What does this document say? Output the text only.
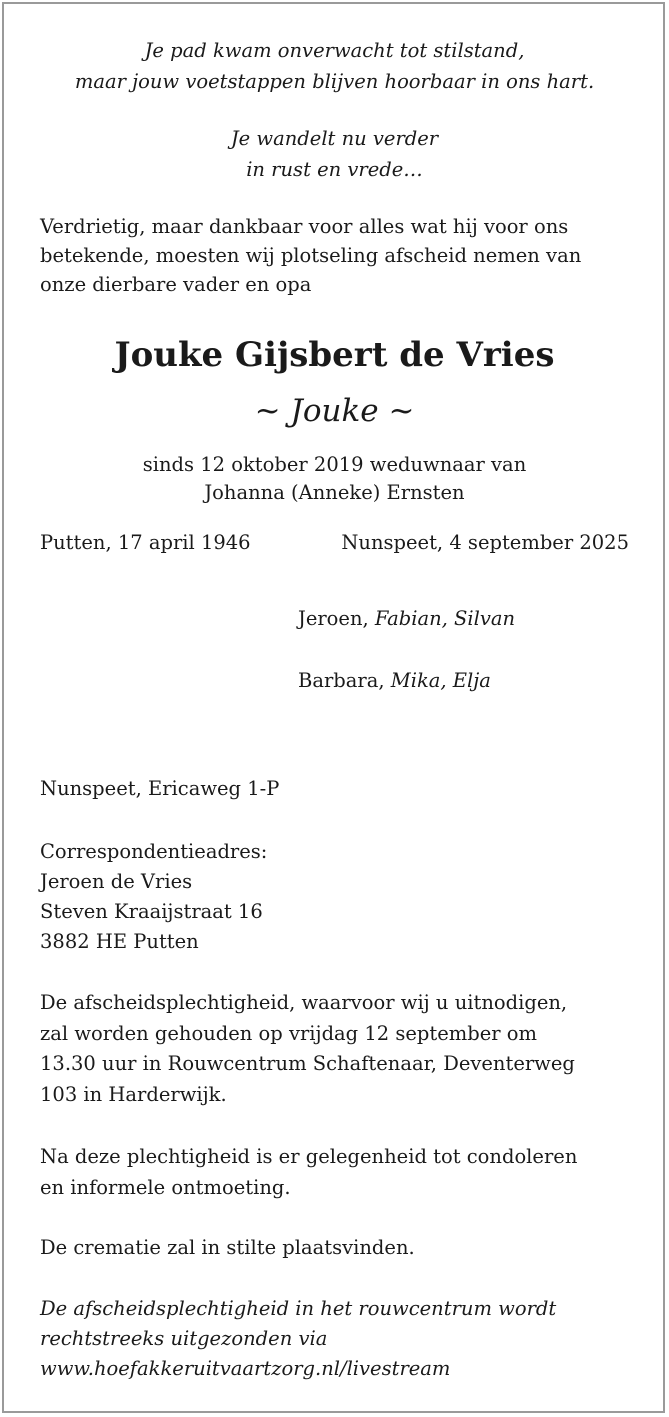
Je pad kwam onverwacht tot stilstand,
maar jouw voetstappen blijven hoorbaar in ons hart.
Je wandelt nu verder
in rust en vrede…
Verdrietig, maar dankbaar voor alles wat hij voor ons
betekende, moesten wij plotseling afscheid nemen van
onze dierbare vader en opa
Jouke Gijsbert de Vries
~ Jouke ~
sinds 12 oktober 2019 weduwnaar van
Johanna (Anneke) Ernsten
Putten, 17 april 1946	Nunspeet, 4 september 2025
Jeroen, Fabian, Silvan
Barbara, Mika, Elja
Nunspeet, Ericaweg 1-P
Correspondentieadres:
Jeroen de Vries
Steven Kraaijstraat 16
3882 HE Putten
De afscheidsplechtigheid, waarvoor wij u uitnodigen,
zal worden gehouden op vrijdag 12 september om
13.30 uur in Rouwcentrum Schaftenaar, Deventerweg
103 in Harderwijk.
Na deze plechtigheid is er gelegenheid tot condoleren
en informele ontmoeting.
De crematie zal in stilte plaatsvinden.
De afscheidsplechtigheid in het rouwcentrum wordt
rechtstreeks uitgezonden via
www.hoefakkeruitvaartzorg.nl/livestream
